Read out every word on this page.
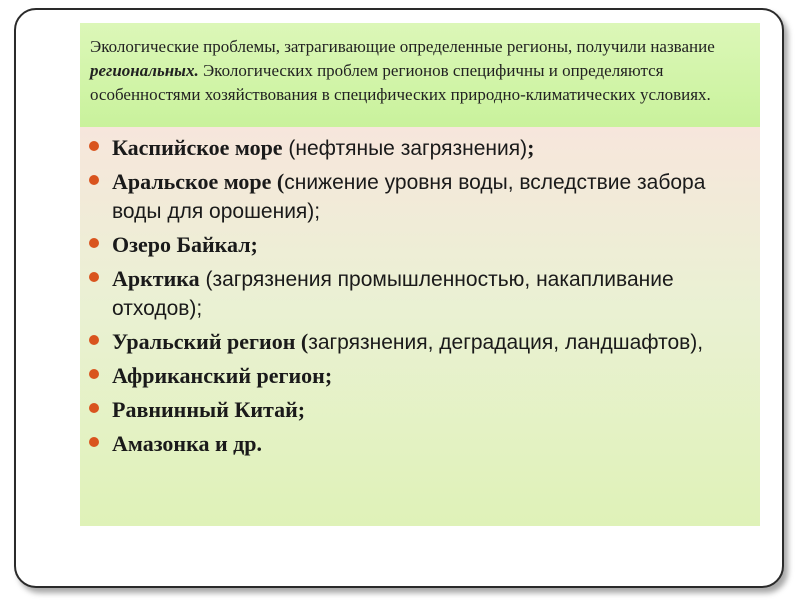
Экологические проблемы, затрагивающие определенные регионы, получили название региональных. Экологических проблем регионов специфичны и определяются особенностями хозяйствования в специфических природно-климатических условиях.
Каспийское море (нефтяные загрязнения);
Аральское море (снижение уровня воды, вследствие забора воды для орошения);
Озеро Байкал;
Арктика (загрязнения промышленностью, накапливание отходов);
Уральский регион (загрязнения, деградация, ландшафтов),
Африканский регион;
Равнинный Китай;
Амазонка и др.
